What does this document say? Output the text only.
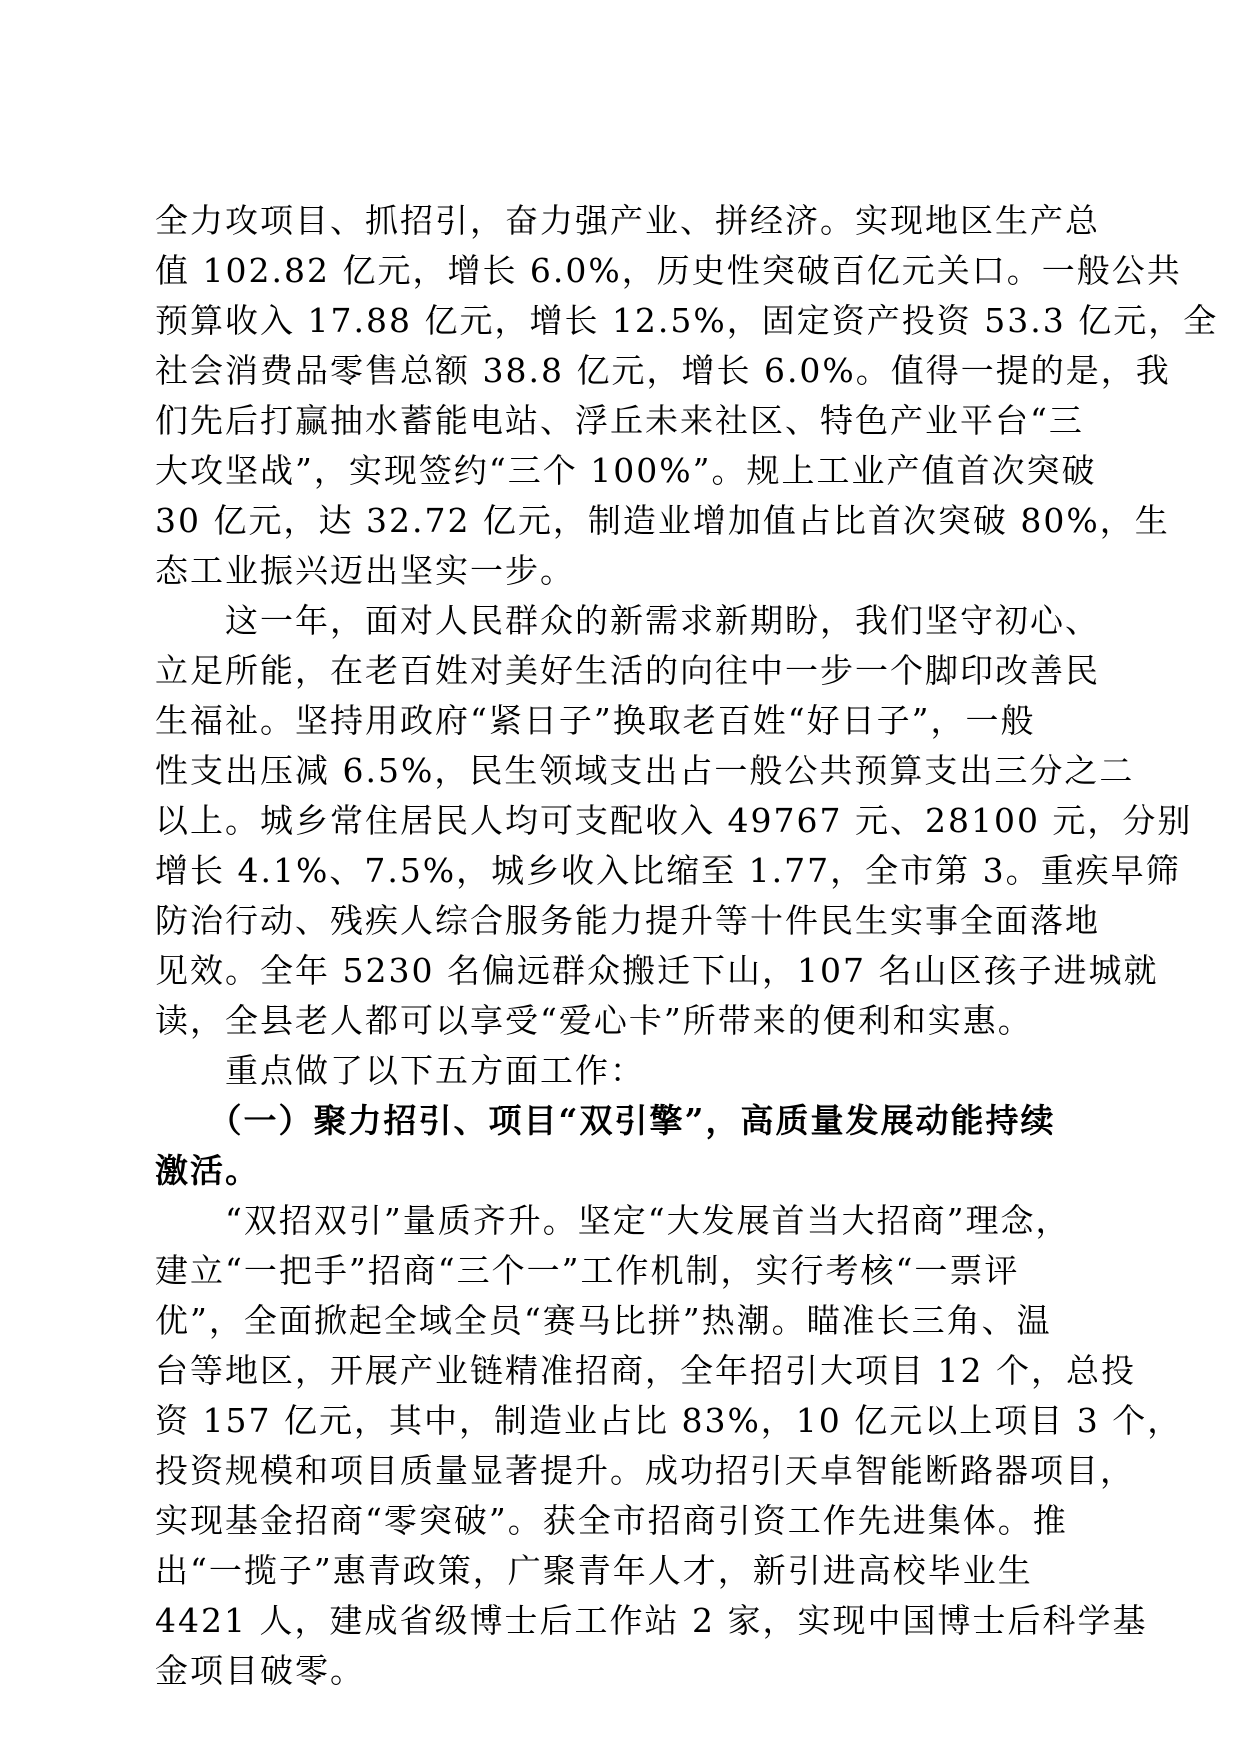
全力攻项目、抓招引，奋力强产业、拼经济。实现地区生产总
值 102.82 亿元，增长 6.0%，历史性突破百亿元关口。一般公共
预算收入 17.88 亿元，增长 12.5%，固定资产投资 53.3 亿元，全
社会消费品零售总额 38.8 亿元，增长 6.0%。值得一提的是，我
们先后打赢抽水蓄能电站、浮丘未来社区、特色产业平台“三
大攻坚战”，实现签约“三个 100%”。规上工业产值首次突破
30 亿元，达 32.72 亿元，制造业增加值占比首次突破 80%，生
态工业振兴迈出坚实一步。
　　这一年，面对人民群众的新需求新期盼，我们坚守初心、
立足所能，在老百姓对美好生活的向往中一步一个脚印改善民
生福祉。坚持用政府“紧日子”换取老百姓“好日子”，一般
性支出压减 6.5%，民生领域支出占一般公共预算支出三分之二
以上。城乡常住居民人均可支配收入 49767 元、28100 元，分别
增长 4.1%、7.5%，城乡收入比缩至 1.77，全市第 3。重疾早筛
防治行动、残疾人综合服务能力提升等十件民生实事全面落地
见效。全年 5230 名偏远群众搬迁下山，107 名山区孩子进城就
读，全县老人都可以享受“爱心卡”所带来的便利和实惠。
　　重点做了以下五方面工作：
　　（一）聚力招引、项目“双引擎”，高质量发展动能持续
激活。
　　“双招双引”量质齐升。坚定“大发展首当大招商”理念，
建立“一把手”招商“三个一”工作机制，实行考核“一票评
优”，全面掀起全域全员“赛马比拼”热潮。瞄准长三角、温
台等地区，开展产业链精准招商，全年招引大项目 12 个，总投
资 157 亿元，其中，制造业占比 83%，10 亿元以上项目 3 个，
投资规模和项目质量显著提升。成功招引天卓智能断路器项目，
实现基金招商“零突破”。获全市招商引资工作先进集体。推
出“一揽子”惠青政策，广聚青年人才，新引进高校毕业生
4421 人，建成省级博士后工作站 2 家，实现中国博士后科学基
金项目破零。
